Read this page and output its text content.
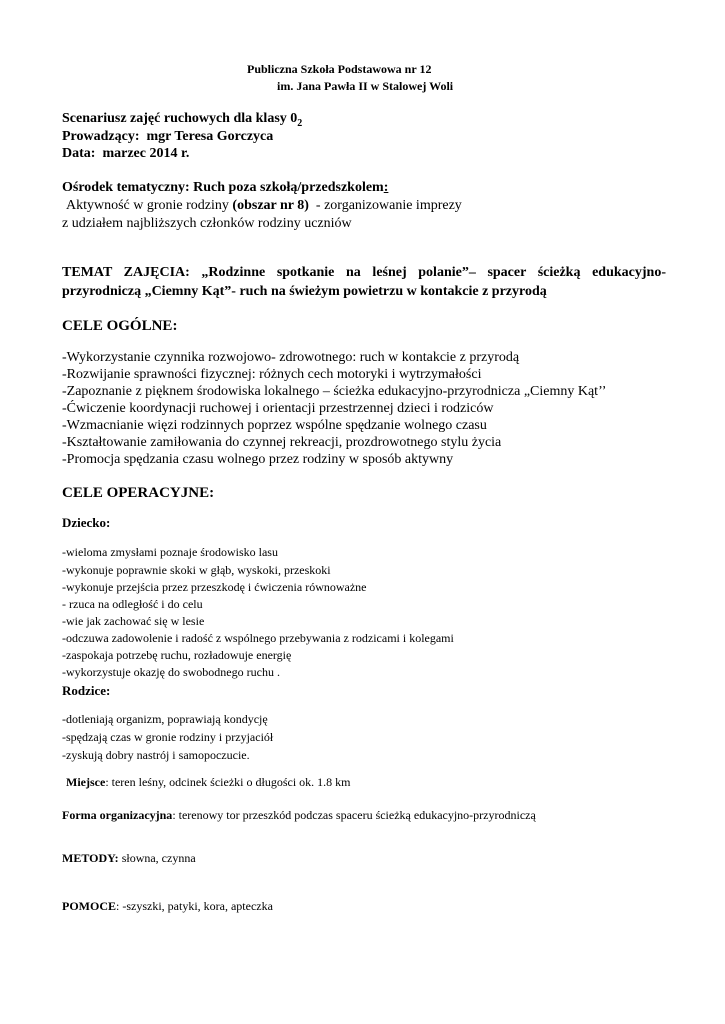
Publiczna Szkoła Podstawowa nr 12
im. Jana Pawła II w Stalowej Woli
Scenariusz zajęć ruchowych dla klasy $0_2$
Prowadzący: mgr Teresa Gorczyca
Data: marzec 2014 r.
Ośrodek tematyczny: Ruch poza szkołą/przedszkolem:
Aktywność w gronie rodziny (obszar nr 8) - zorganizowanie imprezy
z udziałem najbliższych członków rodziny uczniów
TEMAT ZAJĘCIA: „Rodzinne spotkanie na leśnej polanie”– spacer ścieżką edukacyjno-
przyrodniczą „Ciemny Kąt”- ruch na świeżym powietrzu w kontakcie z przyrodą
CELE OGÓLNE:
-Wykorzystanie czynnika rozwojowo- zdrowotnego: ruch w kontakcie z przyrodą
-Rozwijanie sprawności fizycznej: różnych cech motoryki i wytrzymałości
-Zapoznanie z pięknem środowiska lokalnego – ścieżka edukacyjno-przyrodnicza „Ciemny Kąt’’
-Ćwiczenie koordynacji ruchowej i orientacji przestrzennej dzieci i rodziców
-Wzmacnianie więzi rodzinnych poprzez wspólne spędzanie wolnego czasu
-Kształtowanie zamiłowania do czynnej rekreacji, prozdrowotnego stylu życia
-Promocja spędzania czasu wolnego przez rodziny w sposób aktywny
CELE OPERACYJNE:
Dziecko:
-wieloma zmysłami poznaje środowisko lasu
-wykonuje poprawnie skoki w głąb, wyskoki, przeskoki
-wykonuje przejścia przez przeszkodę i ćwiczenia równoważne
- rzuca na odległość i do celu
-wie jak zachować się w lesie
-odczuwa zadowolenie i radość z wspólnego przebywania z rodzicami i kolegami
-zaspokaja potrzebę ruchu, rozładowuje energię
-wykorzystuje okazję do swobodnego ruchu .
Rodzice:
-dotleniają organizm, poprawiają kondycję
-spędzają czas w gronie rodziny i przyjaciół
-zyskują dobry nastrój i samopoczucie.
Miejsce: teren leśny, odcinek ścieżki o długości ok. 1.8 km
Forma organizacyjna: terenowy tor przeszkód podczas spaceru ścieżką edukacyjno-przyrodniczą
METODY: słowna, czynna
POMOCE: -szyszki, patyki, kora, apteczka
